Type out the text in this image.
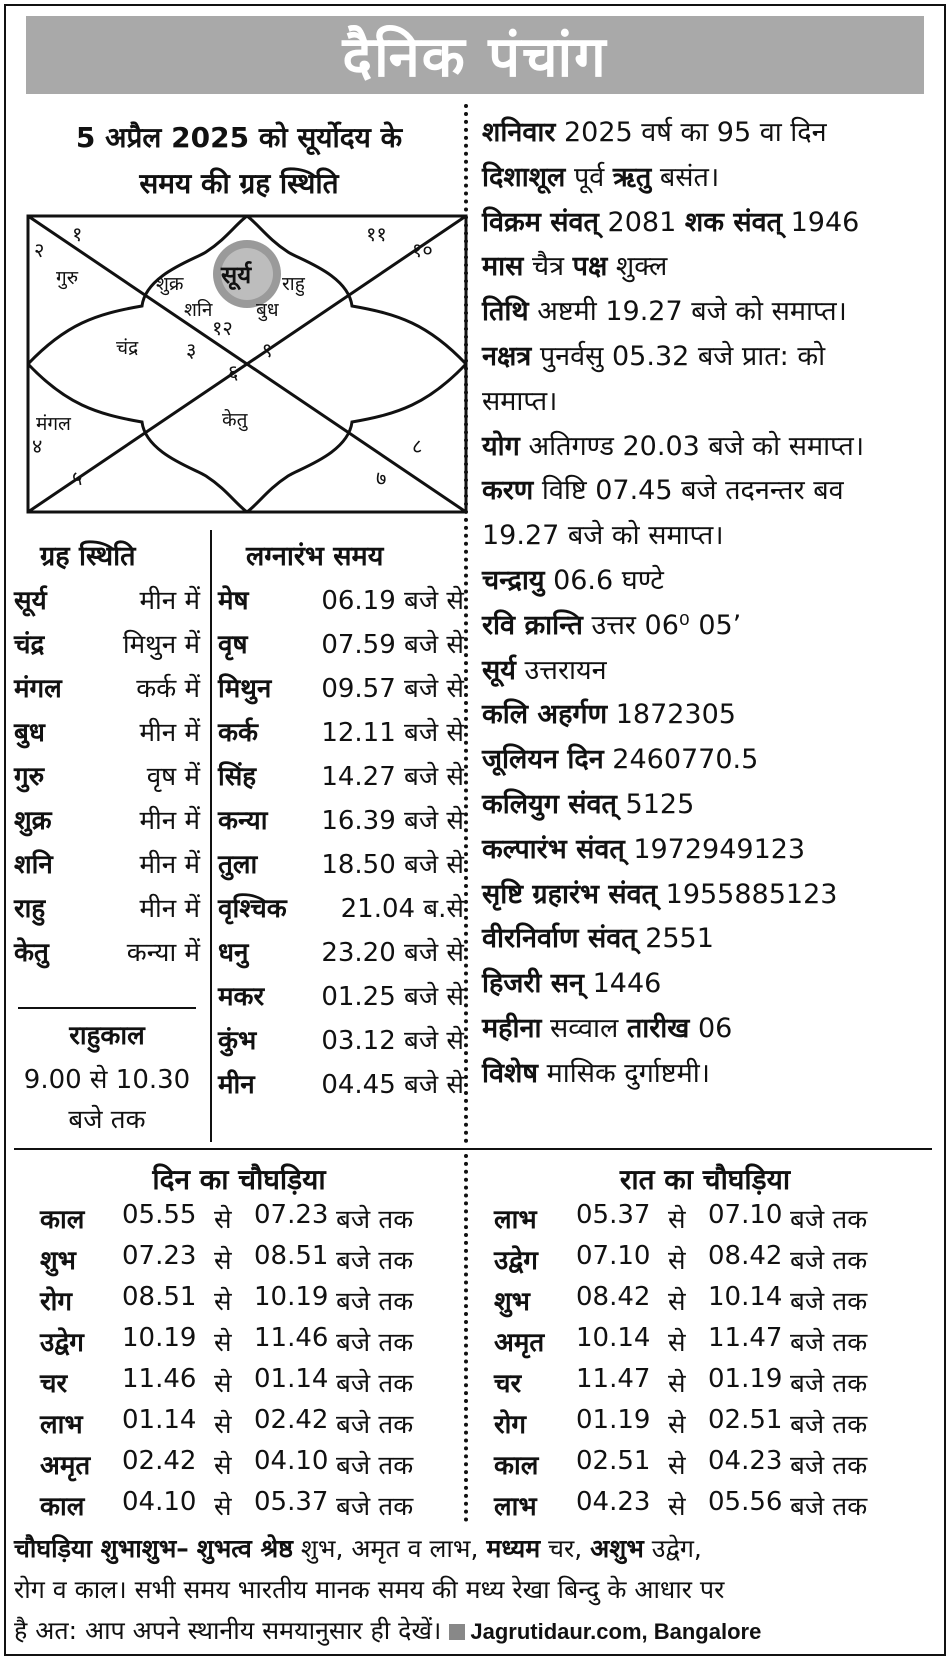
दैनिक पंचांग
5 अप्रैल 2025 को सूर्योदय के
समय की ग्रह स्थिति
१
२
११
१०
१२
३	९
६
४
५
८
७
सूर्य
शुक्र	राहु
शनि बुध
गुरु
चंद्र
मंगल	केतु
ग्रह स्थिति
सूर्य	मीन में
चंद्र	मिथुन में
मंगल	कर्क में
बुध	मीन में
गुरु	वृष में
शुक्र	मीन में
शनि	मीन में
राहु	मीन में
केतु	कन्या में
राहुकाल
9.00 से 10.30
बजे तक
लग्नारंभ समय
मेष	06.19 बजे से
वृष	07.59 बजे से
मिथुन 09.57 बजे से
कर्क 12.11 बजे से
सिंह	14.27 बजे से
कन्या 16.39 बजे से
तुला 18.50 बजे से
वृश्चिक 21.04 ब.से
धनु	23.20 बजे से
मकर 01.25 बजे से
कुंभ	03.12 बजे से
मीन	04.45 बजे से
शनिवार 2025 वर्ष का 95 वा दिन
दिशाशूल पूर्व ऋतु बसंत।
विक्रम संवत् 2081 शक संवत् 1946
मास चैत्र पक्ष शुक्ल
तिथि अष्टमी 19.27 बजे को समाप्त।
नक्षत्र पुनर्वसु 05.32 बजे प्रात: को
समाप्त।
योग अतिगण्ड 20.03 बजे को समाप्त।
करण विष्टि 07.45 बजे तदनन्तर बव
19.27 बजे को समाप्त।
चन्द्रायु 06.6 घण्टे
रवि क्रान्ति उत्तर 06⁰ 05’
सूर्य उत्तरायन
कलि अहर्गण 1872305
जूलियन दिन 2460770.5
कलियुग संवत् 5125
कल्पारंभ संवत् 1972949123
सृष्टि ग्रहारंभ संवत् 1955885123
वीरनिर्वाण संवत् 2551
हिजरी सन् 1446
महीना सव्वाल तारीख 06
विशेष मासिक दुर्गाष्टमी।
दिन का चौघड़िया	रात का चौघड़िया
काल 05.55 से 07.23 बजे तक
शुभ 07.23 से 08.51 बजे तक
रोग 08.51 से 10.19 बजे तक
उद्वेग 10.19 से 11.46 बजे तक
चर 11.46 से 01.14 बजे तक
लाभ 01.14 से 02.42 बजे तक
अमृत 02.42 से 04.10 बजे तक
काल 04.10 से 05.37 बजे तक
लाभ 05.37 से 07.10 बजे तक
उद्वेग 07.10 से 08.42 बजे तक
शुभ 08.42 से 10.14 बजे तक
अमृत 10.14 से 11.47 बजे तक
चर 11.47 से 01.19 बजे तक
रोग 01.19 से 02.51 बजे तक
काल 02.51 से 04.23 बजे तक
लाभ 04.23 से 05.56 बजे तक

चौघड़िया शुभाशुभ– शुभत्व श्रेष्ठ शुभ, अमृत व लाभ, मध्यम चर, अशुभ उद्वेग,

रोग व काल। सभी समय भारतीय मानक समय की मध्य रेखा बिन्दु के आधार पर

है अत: आप अपने स्थानीय समयानुसार ही देखें। Jagrutidaur.com, Bangalore
